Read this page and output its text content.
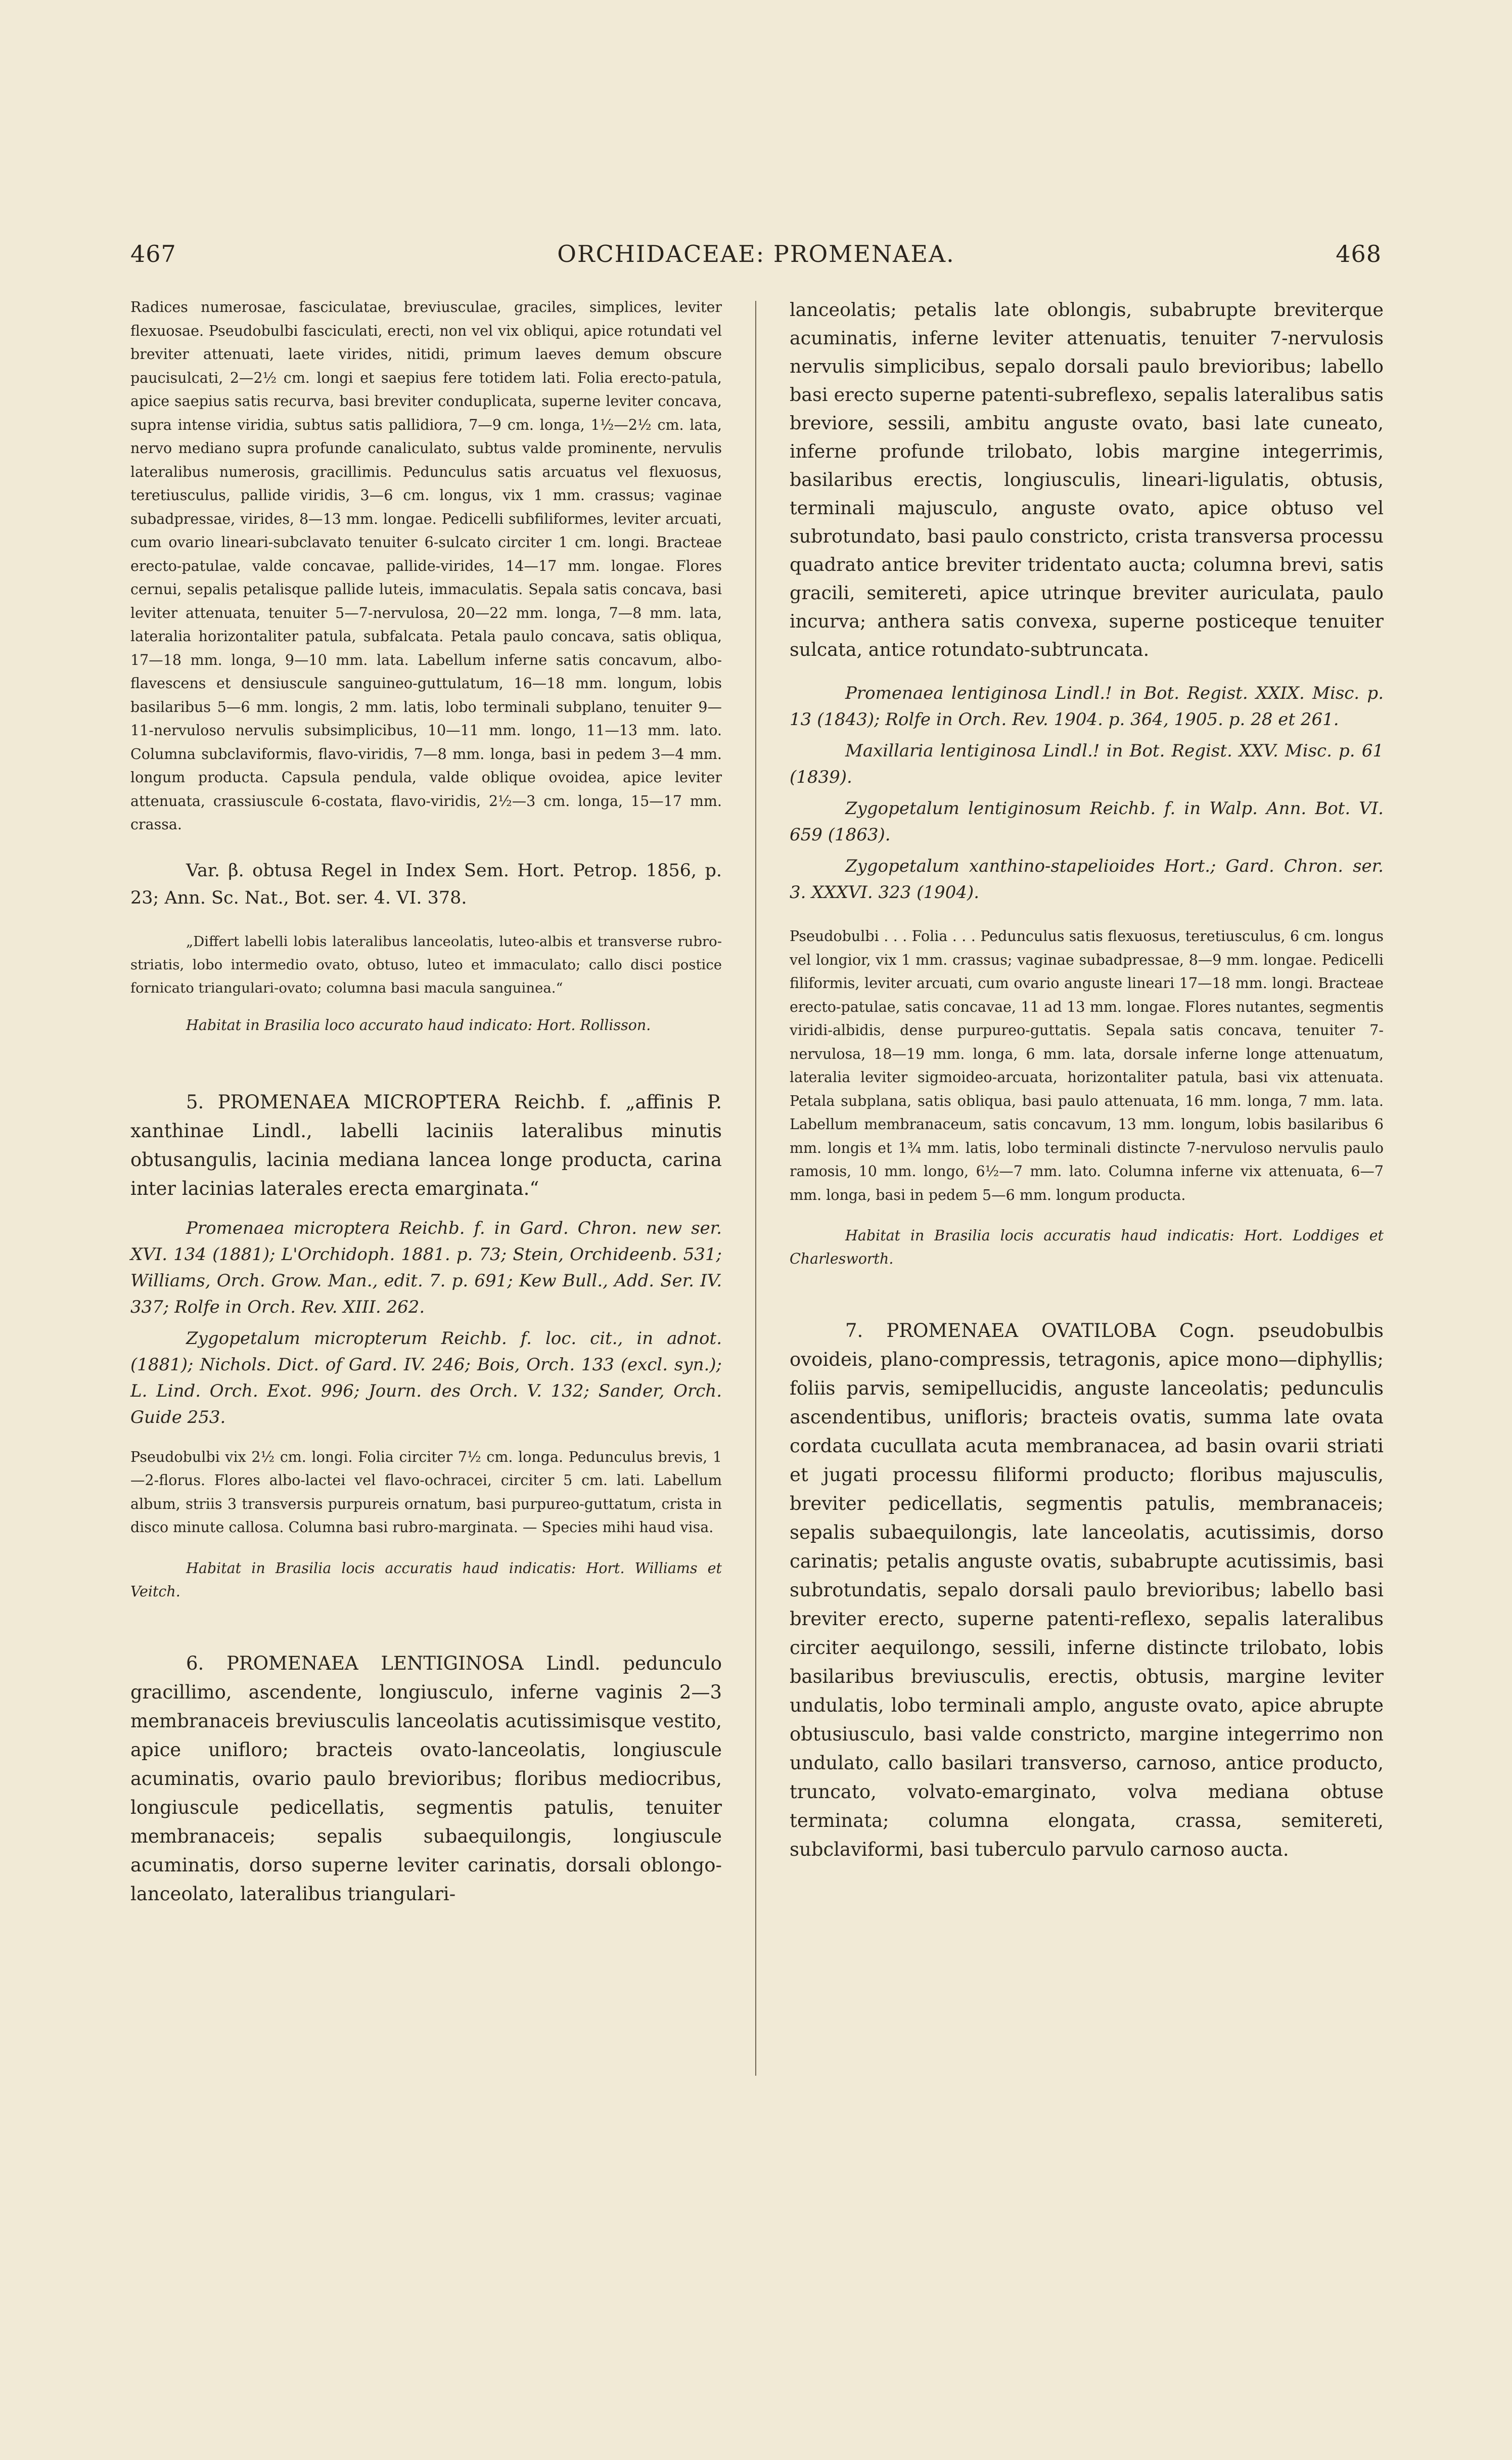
467	ORCHIDACEAE: PROMENAEA.	468

Radices numerosae, fasciculatae, breviusculae, graciles, simplices, leviter flexuosae. Pseudobulbi fasciculati, erecti, non vel vix obliqui, apice rotundati vel breviter attenuati, laete virides, nitidi, primum laeves demum obscure paucisulcati, 2—2½ cm. longi et saepius fere totidem lati. Folia erecto-patula, apice saepius satis recurva, basi breviter conduplicata, superne leviter concava, supra intense viridia, subtus satis pallidiora, 7—9 cm. longa, 1½—2½ cm. lata, nervo mediano supra profunde canaliculato, subtus valde prominente, nervulis lateralibus numerosis, gracillimis. Pedunculus satis arcuatus vel flexuosus, teretiusculus, pallide viridis, 3—6 cm. longus, vix 1 mm. crassus; vaginae subadpressae, virides, 8—13 mm. longae. Pedicelli subfiliformes, leviter arcuati, cum ovario lineari-subclavato tenuiter 6-sulcato circiter 1 cm. longi. Bracteae erecto-patulae, valde concavae, pallide-virides, 14—17 mm. longae. Flores cernui, sepalis petalisque pallide luteis, immaculatis. Sepala satis concava, basi leviter attenuata, tenuiter 5—7-nervulosa, 20—22 mm. longa, 7—8 mm. lata, lateralia horizontaliter patula, subfalcata. Petala paulo concava, satis obliqua, 17—18 mm. longa, 9—10 mm. lata. Labellum inferne satis concavum, albo-flavescens et densiuscule sanguineo-guttulatum, 16—18 mm. longum, lobis basilaribus 5—6 mm. longis, 2 mm. latis, lobo terminali subplano, tenuiter 9—11-nervuloso nervulis subsimplicibus, 10—11 mm. longo, 11—13 mm. lato. Columna subclaviformis, flavo-viridis, 7—8 mm. longa, basi in pedem 3—4 mm. longum producta. Capsula pendula, valde oblique ovoidea, apice leviter attenuata, crassiuscule 6-costata, flavo-viridis, 2½—3 cm. longa, 15—17 mm. crassa.

Var. β. obtusa Regel in Index Sem. Hort. Petrop. 1856, p. 23; Ann. Sc. Nat., Bot. ser. 4. VI. 378.

„Differt labelli lobis lateralibus lanceolatis, luteo-albis et transverse rubro-striatis, lobo intermedio ovato, obtuso, luteo et immaculato; callo disci postice fornicato triangulari-ovato; columna basi macula sanguinea.“

Habitat in Brasilia loco accurato haud indicato: Hort. Rollisson.

5. PROMENAEA MICROPTERA Reichb. f. „affinis P. xanthinae Lindl., labelli laciniis lateralibus minutis obtusangulis, lacinia mediana lancea longe producta, carina inter lacinias laterales erecta emarginata.“

Promenaea microptera Reichb. f. in Gard. Chron. new ser. XVI. 134 (1881); L'Orchidoph. 1881. p. 73; Stein, Orchideenb. 531; Williams, Orch. Grow. Man., edit. 7. p. 691; Kew Bull., Add. Ser. IV. 337; Rolfe in Orch. Rev. XIII. 262.

Zygopetalum micropterum Reichb. f. loc. cit., in adnot. (1881); Nichols. Dict. of Gard. IV. 246; Bois, Orch. 133 (excl. syn.); L. Lind. Orch. Exot. 996; Journ. des Orch. V. 132; Sander, Orch. Guide 253.

Pseudobulbi vix 2½ cm. longi. Folia circiter 7½ cm. longa. Pedunculus brevis, 1—2-florus. Flores albo-lactei vel flavo-ochracei, circiter 5 cm. lati. Labellum album, striis 3 transversis purpureis ornatum, basi purpureo-guttatum, crista in disco minute callosa. Columna basi rubro-marginata. — Species mihi haud visa.

Habitat in Brasilia locis accuratis haud indicatis: Hort. Williams et Veitch.

6. PROMENAEA LENTIGINOSA Lindl. pedunculo gracillimo, ascendente, longiusculo, inferne vaginis 2—3 membranaceis breviusculis lanceolatis acutissimisque vestito, apice unifloro; bracteis ovato-lanceolatis, longiuscule acuminatis, ovario paulo brevioribus; floribus mediocribus, longiuscule pedicellatis, segmentis patulis, tenuiter membranaceis; sepalis subaequilongis, longiuscule acuminatis, dorso superne leviter carinatis, dorsali oblongo-lanceolato, lateralibus triangulari-

lanceolatis; petalis late oblongis, subabrupte breviterque acuminatis, inferne leviter attenuatis, tenuiter 7-nervulosis nervulis simplicibus, sepalo dorsali paulo brevioribus; labello basi erecto superne patenti-subreflexo, sepalis lateralibus satis breviore, sessili, ambitu anguste ovato, basi late cuneato, inferne profunde trilobato, lobis margine integerrimis, basilaribus erectis, longiusculis, lineari-ligulatis, obtusis, terminali majusculo, anguste ovato, apice obtuso vel subrotundato, basi paulo constricto, crista transversa processu quadrato antice breviter tridentato aucta; columna brevi, satis gracili, semitereti, apice utrinque breviter auriculata, paulo incurva; anthera satis convexa, superne posticeque tenuiter sulcata, antice rotundato-subtruncata.

Promenaea lentiginosa Lindl.! in Bot. Regist. XXIX. Misc. p. 13 (1843); Rolfe in Orch. Rev. 1904. p. 364, 1905. p. 28 et 261.

Maxillaria lentiginosa Lindl.! in Bot. Regist. XXV. Misc. p. 61 (1839).

Zygopetalum lentiginosum Reichb. f. in Walp. Ann. Bot. VI. 659 (1863).

Zygopetalum xanthino-stapelioides Hort.; Gard. Chron. ser. 3. XXXVI. 323 (1904).

Pseudobulbi . . . Folia . . . Pedunculus satis flexuosus, teretiusculus, 6 cm. longus vel longior, vix 1 mm. crassus; vaginae subadpressae, 8—9 mm. longae. Pedicelli filiformis, leviter arcuati, cum ovario anguste lineari 17—18 mm. longi. Bracteae erecto-patulae, satis concavae, 11 ad 13 mm. longae. Flores nutantes, segmentis viridi-albidis, dense purpureo-guttatis. Sepala satis concava, tenuiter 7-nervulosa, 18—19 mm. longa, 6 mm. lata, dorsale inferne longe attenuatum, lateralia leviter sigmoideo-arcuata, horizontaliter patula, basi vix attenuata. Petala subplana, satis obliqua, basi paulo attenuata, 16 mm. longa, 7 mm. lata. Labellum membranaceum, satis concavum, 13 mm. longum, lobis basilaribus 6 mm. longis et 1¾ mm. latis, lobo terminali distincte 7-nervuloso nervulis paulo ramosis, 10 mm. longo, 6½—7 mm. lato. Columna inferne vix attenuata, 6—7 mm. longa, basi in pedem 5—6 mm. longum producta.

Habitat in Brasilia locis accuratis haud indicatis: Hort. Loddiges et Charlesworth.

7. PROMENAEA OVATILOBA Cogn. pseudobulbis ovoideis, plano-compressis, tetragonis, apice mono—diphyllis; foliis parvis, semipellucidis, anguste lanceolatis; pedunculis ascendentibus, unifloris; bracteis ovatis, summa late ovata cordata cucullata acuta membranacea, ad basin ovarii striati et jugati processu filiformi producto; floribus majusculis, breviter pedicellatis, segmentis patulis, membranaceis; sepalis subaequilongis, late lanceolatis, acutissimis, dorso carinatis; petalis anguste ovatis, subabrupte acutissimis, basi subrotundatis, sepalo dorsali paulo brevioribus; labello basi breviter erecto, superne patenti-reflexo, sepalis lateralibus circiter aequilongo, sessili, inferne distincte trilobato, lobis basilaribus breviusculis, erectis, obtusis, margine leviter undulatis, lobo terminali amplo, anguste ovato, apice abrupte obtusiusculo, basi valde constricto, margine integerrimo non undulato, callo basilari transverso, carnoso, antice producto, truncato, volvato-emarginato, volva mediana obtuse terminata; columna elongata, crassa, semitereti, subclaviformi, basi tuberculo parvulo carnoso aucta.
